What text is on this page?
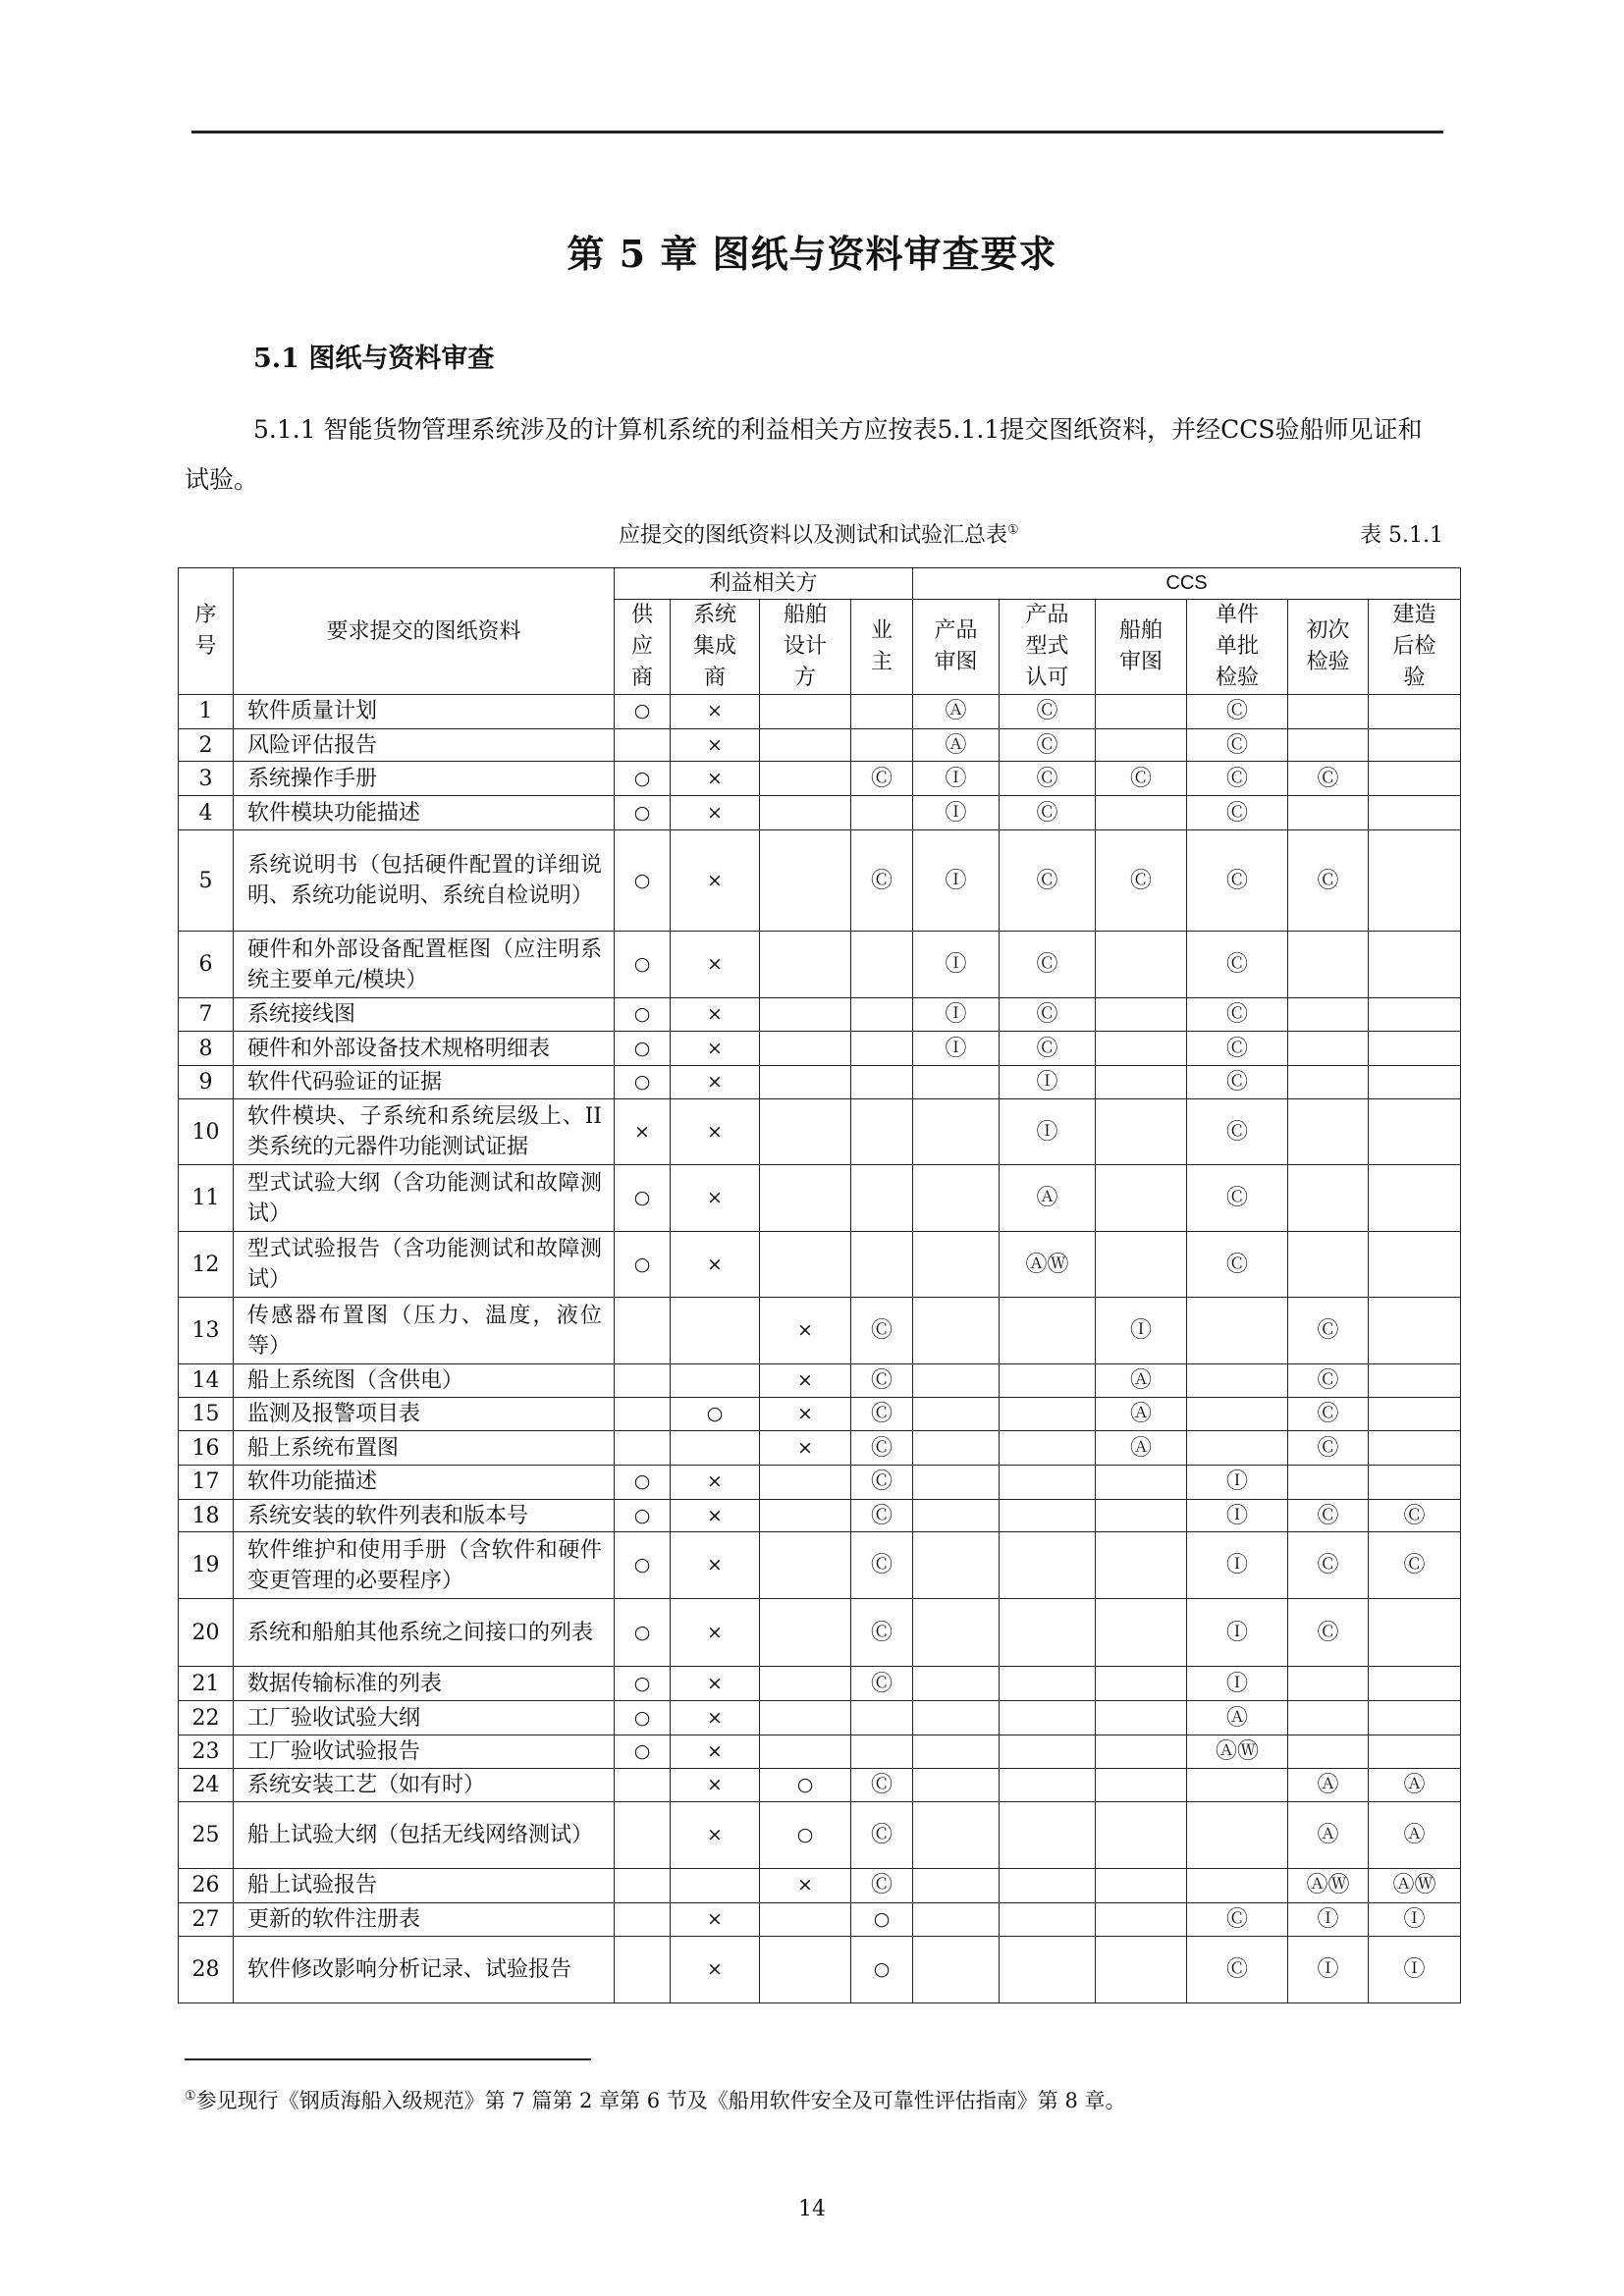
第 5 章 图纸与资料审查要求
5.1 图纸与资料审查
5.1.1 智能货物管理系统涉及的计算机系统的利益相关方应按表5.1.1提交图纸资料，并经CCS验船师见证和试验。
应提交的图纸资料以及测试和试验汇总表①	表 5.1.1
序号	要求提交的图纸资料	利益相关方				CCS					

		供应商	系统集成商	船舶设计方	业主	产品审图	产品型式认可	船舶审图	单件单批检验	初次检验	建造后检验

1	软件质量计划	○	×			Ⓐ	Ⓒ		Ⓒ		
2	风险评估报告		×			Ⓐ	Ⓒ		Ⓒ		
3	系统操作手册	○	×		Ⓒ	Ⓘ	Ⓒ	Ⓒ	Ⓒ	Ⓒ	
4	软件模块功能描述	○	×			Ⓘ	Ⓒ		Ⓒ		
5	系统说明书（包括硬件配置的详细说明、系统功能说明、系统自检说明）	○	×		Ⓒ	Ⓘ	Ⓒ	Ⓒ	Ⓒ	Ⓒ	
6	硬件和外部设备配置框图（应注明系统主要单元/模块）	○	×			Ⓘ	Ⓒ		Ⓒ		
7	系统接线图	○	×			Ⓘ	Ⓒ		Ⓒ		
8	硬件和外部设备技术规格明细表	○	×			Ⓘ	Ⓒ		Ⓒ		
9	软件代码验证的证据	○	×				Ⓘ		Ⓒ		
10	软件模块、子系统和系统层级上、II 类系统的元器件功能测试证据	×	×				Ⓘ		Ⓒ		
11	型式试验大纲（含功能测试和故障测试）	○	×				Ⓐ		Ⓒ		
12	型式试验报告（含功能测试和故障测试）	○	×				ⒶⓌ		Ⓒ		
13	传感器布置图（压力、温度，液位等）			×	Ⓒ			Ⓘ		Ⓒ	
14	船上系统图（含供电）			×	Ⓒ			Ⓐ		Ⓒ	
15	监测及报警项目表		○	×	Ⓒ			Ⓐ		Ⓒ	
16	船上系统布置图			×	Ⓒ			Ⓐ		Ⓒ	
17	软件功能描述	○	×		Ⓒ				Ⓘ		
18	系统安装的软件列表和版本号	○	×		Ⓒ				Ⓘ	Ⓒ	Ⓒ
19	软件维护和使用手册（含软件和硬件变更管理的必要程序）	○	×		Ⓒ				Ⓘ	Ⓒ	Ⓒ
20	系统和船舶其他系统之间接口的列表	○	×		Ⓒ				Ⓘ	Ⓒ	
21	数据传输标准的列表	○	×		Ⓒ				Ⓘ		
22	工厂验收试验大纲	○	×						Ⓐ		
23	工厂验收试验报告	○	×						ⒶⓌ		
24	系统安装工艺（如有时）		×	○	Ⓒ					Ⓐ	Ⓐ
25	船上试验大纲（包括无线网络测试）		×	○	Ⓒ					Ⓐ	Ⓐ
26	船上试验报告			×	Ⓒ					ⒶⓌ	ⒶⓌ
27	更新的软件注册表		×		○				Ⓒ	Ⓘ	Ⓘ
28	软件修改影响分析记录、试验报告		×		○				Ⓒ	Ⓘ	Ⓘ
①参见现行《钢质海船入级规范》第 7 篇第 2 章第 6 节及《船用软件安全及可靠性评估指南》第 8 章。
14
